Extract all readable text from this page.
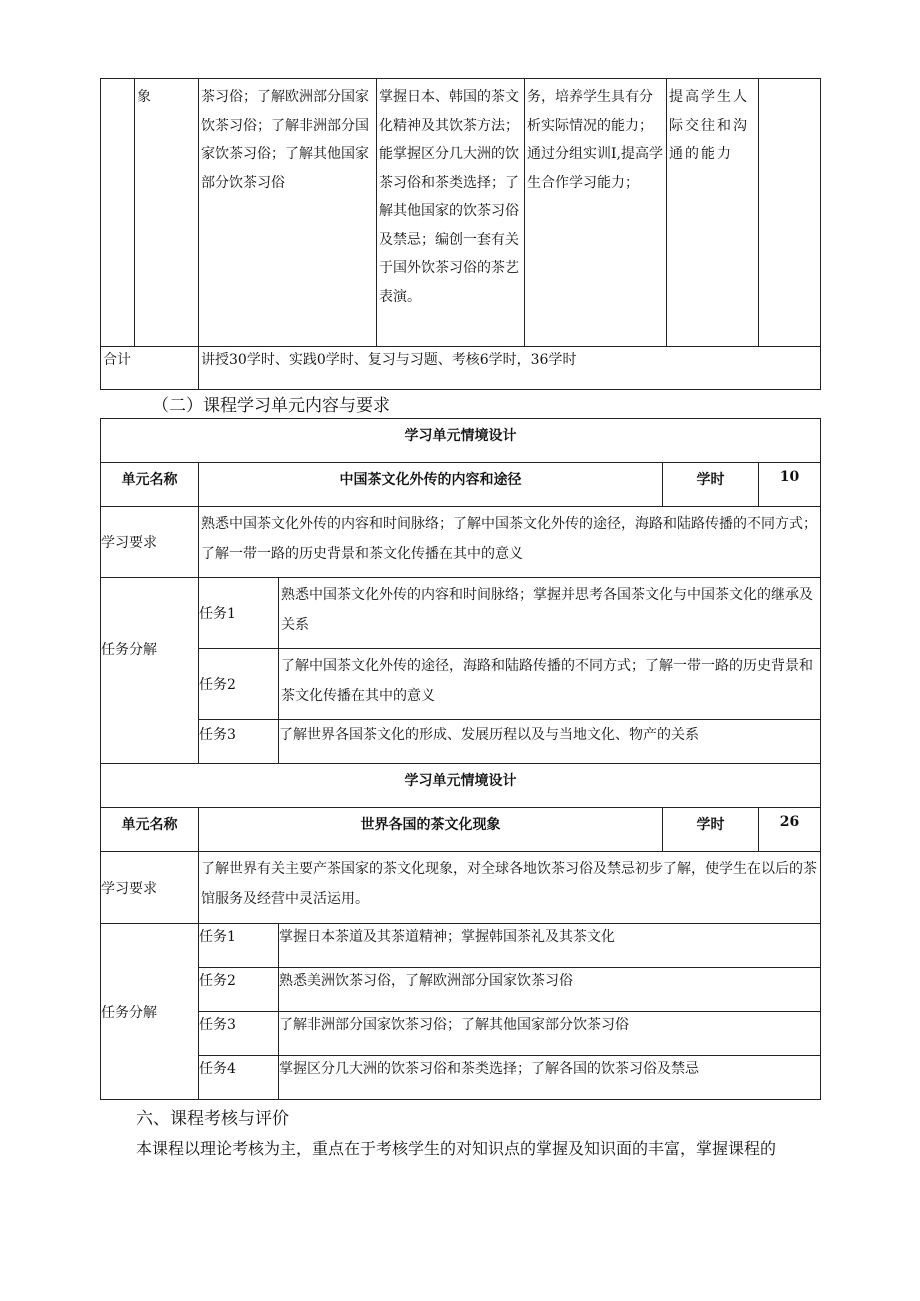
	象	茶习俗；了解欧洲部分国家饮茶习俗；了解非洲部分国家饮茶习俗；了解其他国家部分饮茶习俗	掌握日本、韩国的茶文化精神及其饮茶方法；能掌握区分几大洲的饮茶习俗和茶类选择；了解其他国家的饮茶习俗及禁忌；编创一套有关于国外饮茶习俗的茶艺表演。	务，培养学生具有分析实际情况的能力；通过分组实训I,提高学生合作学习能力；	提高学生人际交往和沟通的能力	

合计		讲授30学时、实践0学时、复习与习题、考核6学时，36学时				
（二）课程学习单元内容与要求
学习单元情境设计				

单元名称	中国茶文化外传的内容和途径		学时	10

学习要求	熟悉中国茶文化外传的内容和时间脉络；了解中国茶文化外传的途径，海路和陆路传播的不同方式；了解一带一路的历史背景和茶文化传播在其中的意义			

任务分解	任务1	熟悉中国茶文化外传的内容和时间脉络；掌握并思考各国茶文化与中国茶文化的继承及关系		

	任务2	了解中国茶文化外传的途径，海路和陆路传播的不同方式；了解一带一路的历史背景和茶文化传播在其中的意义		

	任务3	了解世界各国茶文化的形成、发展历程以及与当地文化、物产的关系		

学习单元情境设计				

单元名称	世界各国的茶文化现象		学时	26

学习要求	了解世界有关主要产茶国家的茶文化现象，对全球各地饮茶习俗及禁忌初步了解，使学生在以后的茶馆服务及经营中灵活运用。			

任务分解	任务1	掌握日本茶道及其茶道精神；掌握韩国茶礼及其茶文化		

	任务2	熟悉美洲饮茶习俗，了解欧洲部分国家饮茶习俗		

	任务3	了解非洲部分国家饮茶习俗；了解其他国家部分饮茶习俗		

	任务4	掌握区分几大洲的饮茶习俗和茶类选择；了解各国的饮茶习俗及禁忌		
六、课程考核与评价
本课程以理论考核为主，重点在于考核学生的对知识点的掌握及知识面的丰富，掌握课程的
